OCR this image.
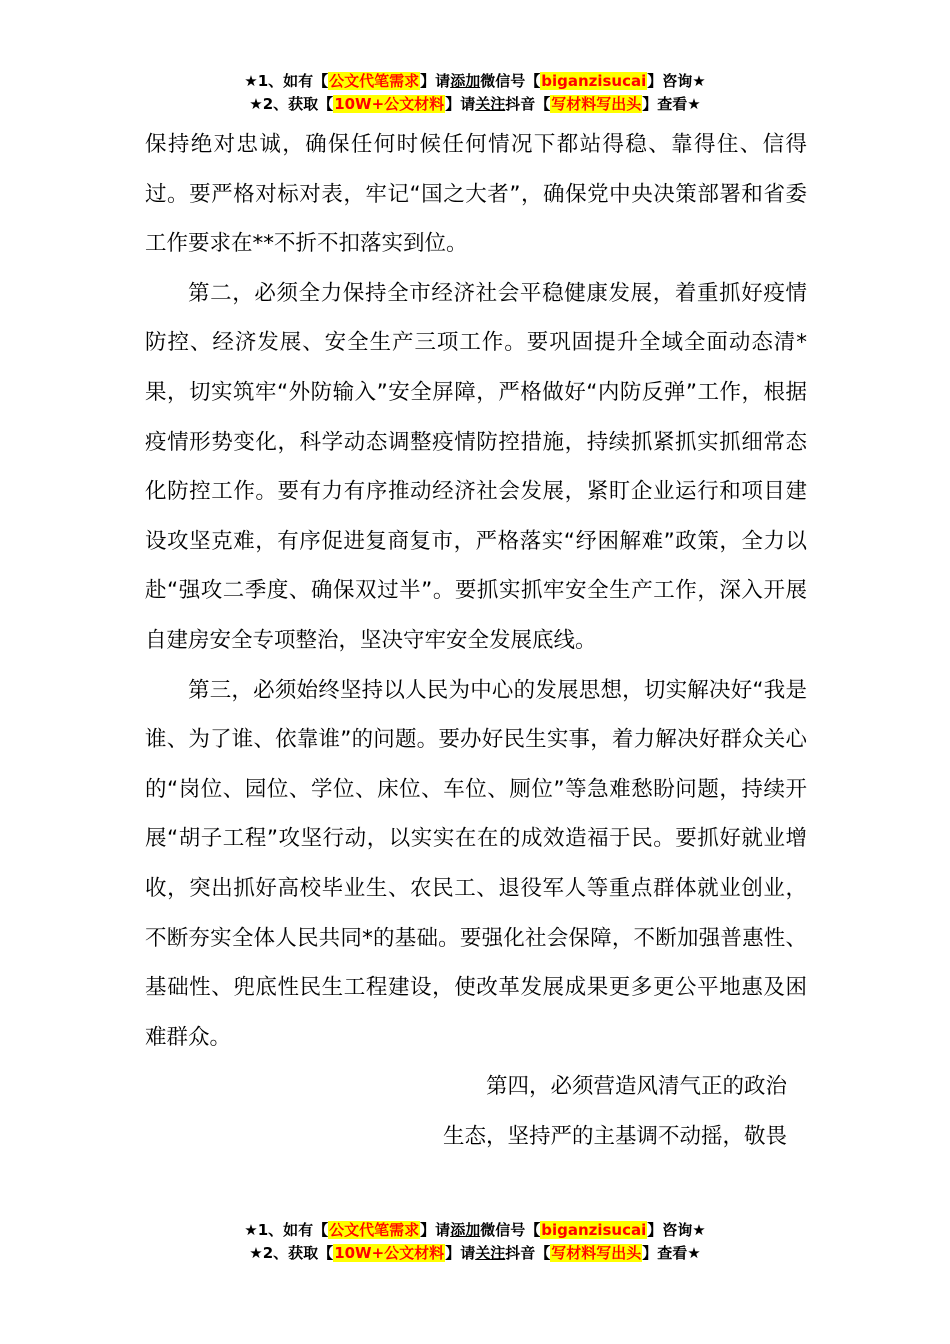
★1、如有【公文代笔需求】请添加微信号【biganzisucai】咨询★
★2、获取【10W+公文材料】请关注抖音【写材料写出头】查看★

保持绝对忠诚，确保任何时候任何情况下都站得稳、靠得住、信得过。要严格对标对表，牢记“国之大者”，确保党中央决策部署和省委工作要求在**不折不扣落实到位。

第二，必须全力保持全市经济社会平稳健康发展，着重抓好疫情防控、经济发展、安全生产三项工作。要巩固提升全域全面动态清*果，切实筑牢“外防输入”安全屏障，严格做好“内防反弹”工作，根据疫情形势变化，科学动态调整疫情防控措施，持续抓紧抓实抓细常态化防控工作。要有力有序推动经济社会发展，紧盯企业运行和项目建设攻坚克难，有序促进复商复市，严格落实“纾困解难”政策，全力以赴“强攻二季度、确保双过半”。要抓实抓牢安全生产工作，深入开展自建房安全专项整治，坚决守牢安全发展底线。

第三，必须始终坚持以人民为中心的发展思想，切实解决好“我是谁、为了谁、依靠谁”的问题。要办好民生实事，着力解决好群众关心的“岗位、园位、学位、床位、车位、厕位”等急难愁盼问题，持续开展“胡子工程”攻坚行动，以实实在在的成效造福于民。要抓好就业增收，突出抓好高校毕业生、农民工、退役军人等重点群体就业创业，不断夯实全体人民共同*的基础。要强化社会保障，不断加强普惠性、基础性、兜底性民生工程建设，使改革发展成果更多更公平地惠及困难群众。

第四，必须营造风清气正的政治
生态，坚持严的主基调不动摇，敬畏
★1、如有【公文代笔需求】请添加微信号【biganzisucai】咨询★
★2、获取【10W+公文材料】请关注抖音【写材料写出头】查看★
